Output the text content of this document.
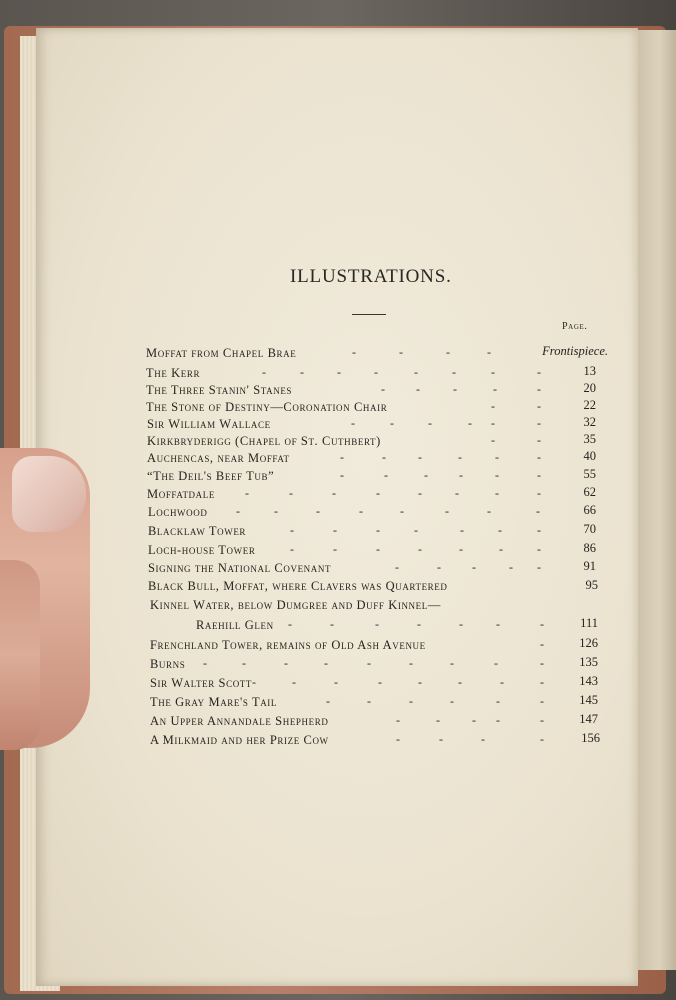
ILLUSTRATIONS.
Page.
Moffat from Chapel Brae	-	-	-	-	Frontispiece.
The Kerr	-	-	-	-	-	-	-	-	13
The Three Stanin' Stanes	-	-	-	-	-	20
The Stone of Destiny—Coronation Chair	-	-	22
Sir William Wallace	-	-	-	- -	-	32
Kirkbryderigg (Chapel of St. Cuthbert)	-	-	35
Auchencas, near Moffat	-	-	-	-	-	-	40
“The Deil's Beef Tub”	-	-	-	-	-	-	55
Moffatdale	-	-	-	-	-	-	-	-	62
Lochwood -	-	-	-	-	-	-	-	66
Blacklaw Tower	-	-	-	-	-	-	-	70
Loch-house Tower	-	-	-	-	-	-	-	86
Signing the National Covenant	-	-	-	- -	91
Black Bull, Moffat, where Clavers was Quartered	95
Kinnel Water, below Dumgree and Duff Kinnel—
Raehill Glen -	-	-	-	-	-	-	111
Frenchland Tower, remains of Old Ash Avenue	-	126
Burns -	-	-	-	-	-	-	-	-	135
Sir Walter Scott -	-	-	-	-	-	-	-	143
The Gray Mare's Tail	-	-	-	-	-	-	145
An Upper Annandale Shepherd	-	-	- -	-	147
A Milkmaid and her Prize Cow	-	-	-	-	156
